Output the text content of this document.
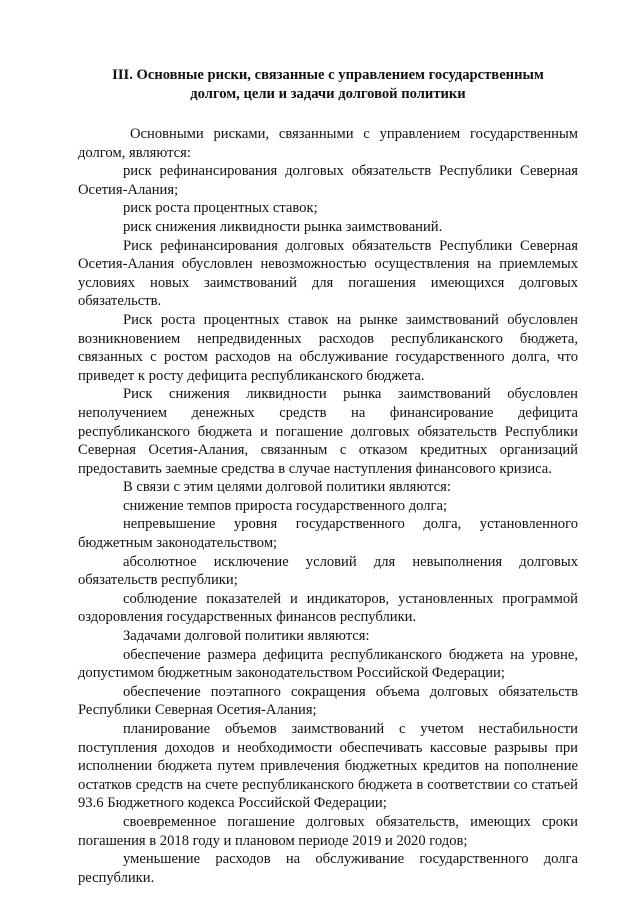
III. Основные риски, связанные с управлением государственным
долгом, цели и задачи долговой политики

Основными рисками, связанными с управлением государственным долгом, являются:

риск рефинансирования долговых обязательств Республики Северная Осетия-Алания;

риск роста процентных ставок;

риск снижения ликвидности рынка заимствований.

Риск рефинансирования долговых обязательств Республики Северная Осетия-Алания обусловлен невозможностью осуществления на приемлемых условиях новых заимствований для погашения имеющихся долговых обязательств.

Риск роста процентных ставок на рынке заимствований обусловлен возникновением непредвиденных расходов республиканского бюджета, связанных с ростом расходов на обслуживание государственного долга, что приведет к росту дефицита республиканского бюджета.

Риск снижения ликвидности рынка заимствований обусловлен неполучением денежных средств на финансирование дефицита республиканского бюджета и погашение долговых обязательств Республики Северная Осетия-Алания, связанным с отказом кредитных организаций предоставить заемные средства в случае наступления финансового кризиса.

В связи с этим целями долговой политики являются:

снижение темпов прироста государственного долга;

непревышение уровня государственного долга, установленного бюджетным законодательством;

абсолютное исключение условий для невыполнения долговых обязательств республики;

соблюдение показателей и индикаторов, установленных программой оздоровления государственных финансов республики.

Задачами долговой политики являются:

обеспечение размера дефицита республиканского бюджета на уровне, допустимом бюджетным законодательством Российской Федерации;

обеспечение поэтапного сокращения объема долговых обязательств Республики Северная Осетия-Алания;

планирование объемов заимствований с учетом нестабильности поступления доходов и необходимости обеспечивать кассовые разрывы при исполнении бюджета путем привлечения бюджетных кредитов на пополнение остатков средств на счете республиканского бюджета в соответствии со статьей 93.6 Бюджетного кодекса Российской Федерации;

своевременное погашение долговых обязательств, имеющих сроки погашения в 2018 году и плановом периоде 2019 и 2020 годов;

уменьшение расходов на обслуживание государственного долга республики.
